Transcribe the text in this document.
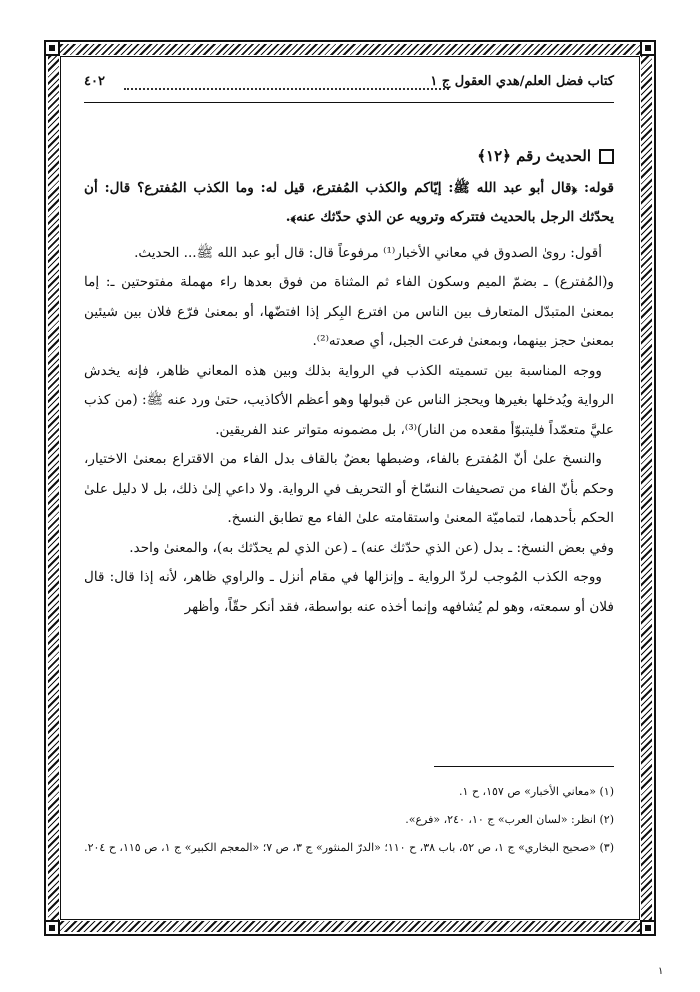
٤٠٢	كتاب فضل العلم/هدي العقول ج ١
الحديث رقم ﴿١٢﴾

قوله: ﴿قال أبو عبد الله ﷺ: إيّاكم والكذب المُفترع، قيل له: وما الكذب المُفترع؟ قال: أن يحدّثك الرجل بالحديث فتتركه وترويه عن الذي حدّثك عنه﴾.

أقول: روىٰ الصدوق في معاني الأخبار⁽¹⁾ مرفوعاً قال: قال أبو عبد الله ﷺ... الحديث.

و(المُفترع) ـ بضمّ الميم وسكون الفاء ثم المثناة من فوق بعدها راء مهملة مفتوحتين ـ: إما بمعنىٰ المتبدّل المتعارف بين الناس من افترع البِكر إذا افتضّها، أو بمعنىٰ فرّع فلان بين شيئين بمعنىٰ حجز بينهما، وبمعنىٰ فرعت الجبل، أي صعدته⁽²⁾.

ووجه المناسبة بين تسميته الكذب في الرواية بذلك وبين هذه المعاني ظاهر، فإنه يخدش الرواية ويُدخلها بغيرها ويحجز الناس عن قبولها وهو أعظم الأكاذيب، حتىٰ ورد عنه ﷺ: (من كذب عليَّ متعمّداً فليتبوّأ مقعده من النار)⁽³⁾، بل مضمونه متواتر عند الفريقين.

والنسخ علىٰ أنّ المُفترع بالفاء، وضبطها بعضٌ بالقاف بدل الفاء من الاقتراع بمعنىٰ الاختيار، وحكم بأنّ الفاء من تصحيفات النسّاخ أو التحريف في الرواية. ولا داعي إلىٰ ذلك، بل لا دليل علىٰ الحكم بأحدهما، لتماميّة المعنىٰ واستقامته علىٰ الفاء مع تطابق النسخ.

وفي بعض النسخ: ـ بدل (عن الذي حدّثك عنه) ـ (عن الذي لم يحدّثك به)، والمعنىٰ واحد.

ووجه الكذب المُوجب لردّ الرواية ـ وإنزالها في مقام أنزل ـ والراوي ظاهر، لأنه إذا قال: قال فلان أو سمعته، وهو لم يُشافهه وإنما أخذه عنه بواسطة، فقد أنكر حقّاً، وأظهر

(١) «معاني الأخبار» ص ١٥٧، ح ١.

(٢) انظر: «لسان العرب» ج ١٠، ٢٤٠، «فرع».

(٣) «صحيح البخاري» ج ١، ص ٥٢، باب ٣٨، ح ١١٠؛ «الدرّ المنثور» ج ٣، ص ٧؛ «المعجم الكبير» ج ١، ص ١١٥، ح ٢٠٤.

١
